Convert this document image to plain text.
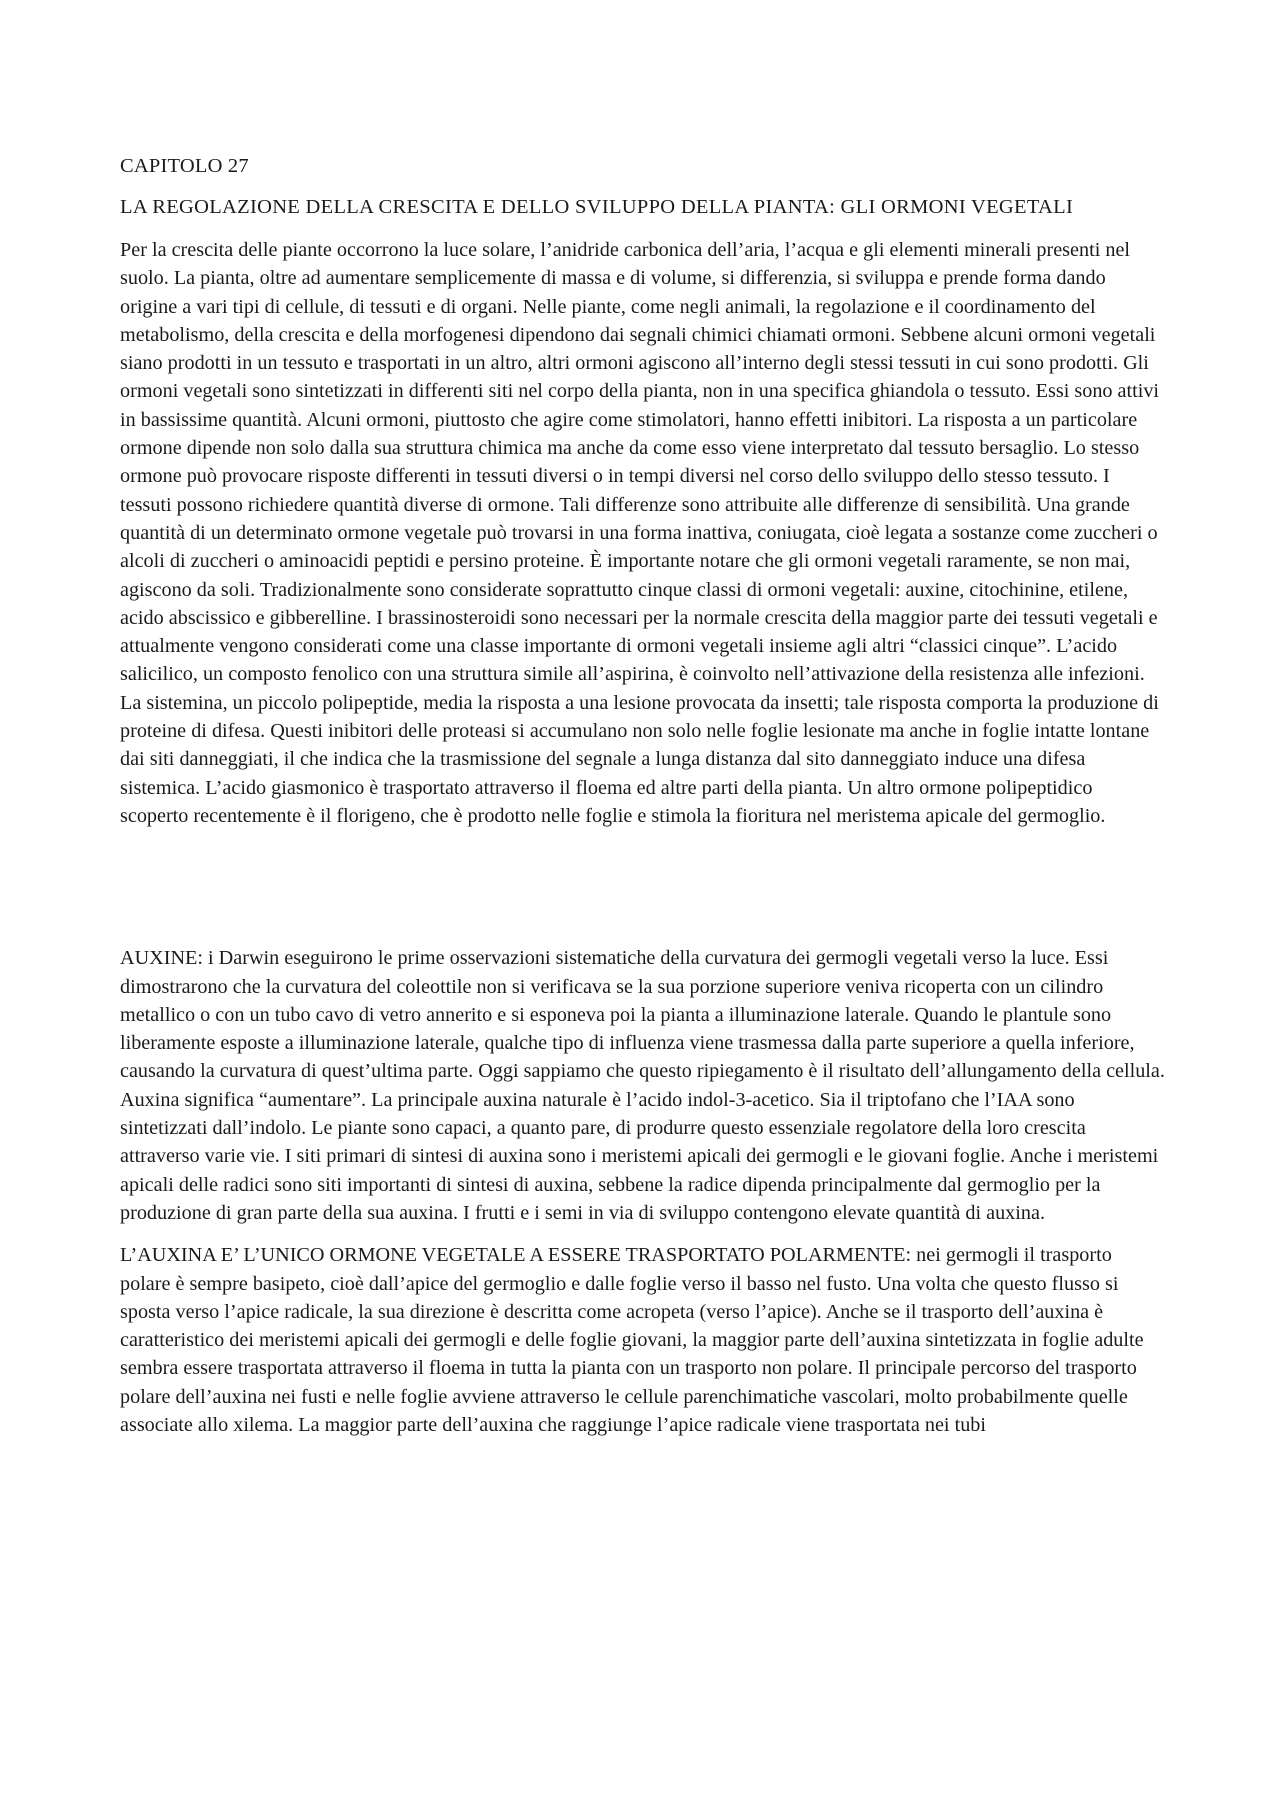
CAPITOLO 27

LA REGOLAZIONE DELLA CRESCITA E DELLO SVILUPPO DELLA PIANTA: GLI ORMONI VEGETALI

Per la crescita delle piante occorrono la luce solare, l’anidride carbonica dell’aria, l’acqua e gli elementi minerali presenti nel suolo. La pianta, oltre ad aumentare semplicemente di massa e di volume, si differenzia, si sviluppa e prende forma dando origine a vari tipi di cellule, di tessuti e di organi. Nelle piante, come negli animali, la regolazione e il coordinamento del metabolismo, della crescita e della morfogenesi dipendono dai segnali chimici chiamati ormoni. Sebbene alcuni ormoni vegetali siano prodotti in un tessuto e trasportati in un altro, altri ormoni agiscono all’interno degli stessi tessuti in cui sono prodotti. Gli ormoni vegetali sono sintetizzati in differenti siti nel corpo della pianta, non in una specifica ghiandola o tessuto. Essi sono attivi in bassissime quantità. Alcuni ormoni, piuttosto che agire come stimolatori, hanno effetti inibitori. La risposta a un particolare ormone dipende non solo dalla sua struttura chimica ma anche da come esso viene interpretato dal tessuto bersaglio. Lo stesso ormone può provocare risposte differenti in tessuti diversi o in tempi diversi nel corso dello sviluppo dello stesso tessuto. I tessuti possono richiedere quantità diverse di ormone. Tali differenze sono attribuite alle differenze di sensibilità. Una grande quantità di un determinato ormone vegetale può trovarsi in una forma inattiva, coniugata, cioè legata a sostanze come zuccheri o alcoli di zuccheri o aminoacidi peptidi e persino proteine. È importante notare che gli ormoni vegetali raramente, se non mai, agiscono da soli. Tradizionalmente sono considerate soprattutto cinque classi di ormoni vegetali: auxine, citochinine, etilene, acido abscissico e gibberelline. I brassinosteroidi sono necessari per la normale crescita della maggior parte dei tessuti vegetali e attualmente vengono considerati come una classe importante di ormoni vegetali insieme agli altri “classici cinque”. L’acido salicilico, un composto fenolico con una struttura simile all’aspirina, è coinvolto nell’attivazione della resistenza alle infezioni. La sistemina, un piccolo polipeptide, media la risposta a una lesione provocata da insetti; tale risposta comporta la produzione di proteine di difesa. Questi inibitori delle proteasi si accumulano non solo nelle foglie lesionate ma anche in foglie intatte lontane dai siti danneggiati, il che indica che la trasmissione del segnale a lunga distanza dal sito danneggiato induce una difesa sistemica. L’acido giasmonico è trasportato attraverso il floema ed altre parti della pianta. Un altro ormone polipeptidico scoperto recentemente è il florigeno, che è prodotto nelle foglie e stimola la fioritura nel meristema apicale del germoglio.

AUXINE: i Darwin eseguirono le prime osservazioni sistematiche della curvatura dei germogli vegetali verso la luce. Essi dimostrarono che la curvatura del coleottile non si verificava se la sua porzione superiore veniva ricoperta con un cilindro metallico o con un tubo cavo di vetro annerito e si esponeva poi la pianta a illuminazione laterale. Quando le plantule sono liberamente esposte a illuminazione laterale, qualche tipo di influenza viene trasmessa dalla parte superiore a quella inferiore, causando la curvatura di quest’ultima parte. Oggi sappiamo che questo ripiegamento è il risultato dell’allungamento della cellula. Auxina significa “aumentare”. La principale auxina naturale è l’acido indol-3-acetico. Sia il triptofano che l’IAA sono sintetizzati dall’indolo. Le piante sono capaci, a quanto pare, di produrre questo essenziale regolatore della loro crescita attraverso varie vie. I siti primari di sintesi di auxina sono i meristemi apicali dei germogli e le giovani foglie. Anche i meristemi apicali delle radici sono siti importanti di sintesi di auxina, sebbene la radice dipenda principalmente dal germoglio per la produzione di gran parte della sua auxina. I frutti e i semi in via di sviluppo contengono elevate quantità di auxina.

L’AUXINA E’ L’UNICO ORMONE VEGETALE A ESSERE TRASPORTATO POLARMENTE: nei germogli il trasporto polare è sempre basipeto, cioè dall’apice del germoglio e dalle foglie verso il basso nel fusto. Una volta che questo flusso si sposta verso l’apice radicale, la sua direzione è descritta come acropeta (verso l’apice). Anche se il trasporto dell’auxina è caratteristico dei meristemi apicali dei germogli e delle foglie giovani, la maggior parte dell’auxina sintetizzata in foglie adulte sembra essere trasportata attraverso il floema in tutta la pianta con un trasporto non polare. Il principale percorso del trasporto polare dell’auxina nei fusti e nelle foglie avviene attraverso le cellule parenchimatiche vascolari, molto probabilmente quelle associate allo xilema. La maggior parte dell’auxina che raggiunge l’apice radicale viene trasportata nei tubi
